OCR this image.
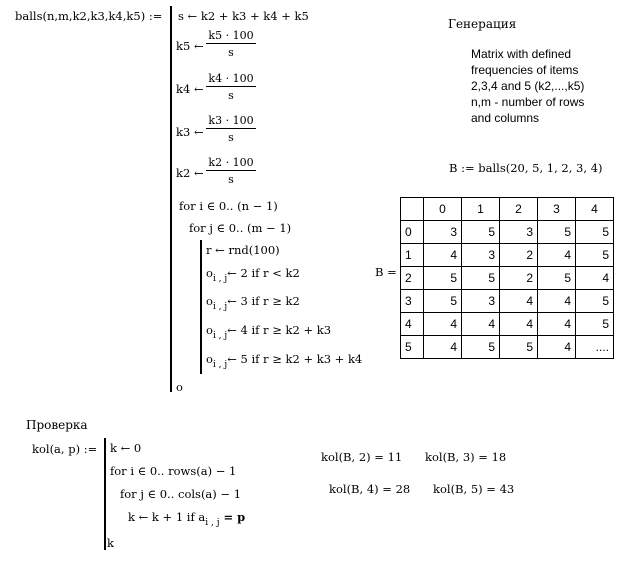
balls(n,m,k2,k3,k4,k5) := s ← k2 + k3 + k4 + k5
k5 ← $\frac{k5 \cdot 100}{s}$
k4 ← $\frac{k4 \cdot 100}{s}$
k3 ← $\frac{k3 \cdot 100}{s}$
k2 ← $\frac{k2 \cdot 100}{s}$
for i ∈ 0.. (n − 1)
for j ∈ 0.. (m − 1)
r ← rnd(100)
$o_{i , j}\leftarrow$ 2 if r < k2
$o_{i , j}\leftarrow$ 3 if r ≥ k2
$o_{i , j}\leftarrow$ 4 if r ≥ k2 + k3
$o_{i , j}\leftarrow$ 5 if r ≥ k2 + k3 + k4
o
Генерация
Matrix with defined
frequencies of items
2,3,4 and 5 (k2,...,k5)
n,m - number of rows
and columns
B := balls(20, 5, 1, 2, 3, 4)
B =
	0	1	2	3	4
0	3	5	3	5	5
1	4	3	2	4	5
2	5	5	2	5	4
3	5	3	4	4	5
4	4	4	4	4	5
5	4	5	5	4	....
Проверка
kol(a, p) := k ← 0
for i ∈ 0.. rows(a) − 1
for j ∈ 0.. cols(a) − 1
k ← k + 1 if $a_{i , j} = p$
k
kol(B, 2) = 11 kol(B, 3) = 18
kol(B, 4) = 28 kol(B, 5) = 43
